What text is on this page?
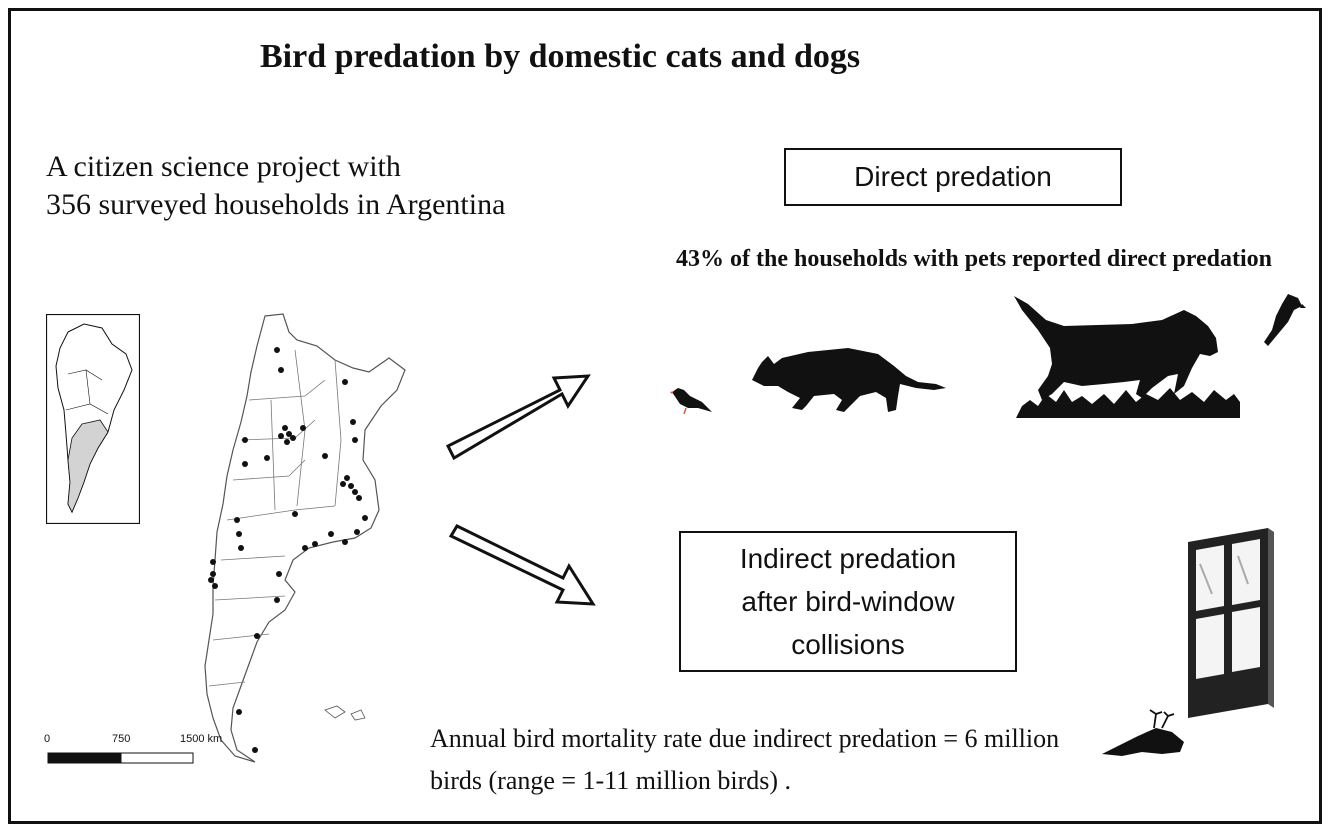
Bird predation by domestic cats and dogs
A citizen science project with
356 surveyed households in Argentina
0	750	1500 km
Direct predation
43% of the households with pets reported direct predation
Indirect predation
after bird-window
collisions
Annual bird mortality rate due indirect predation = 6 million birds (range = 1-11 million birds) .
